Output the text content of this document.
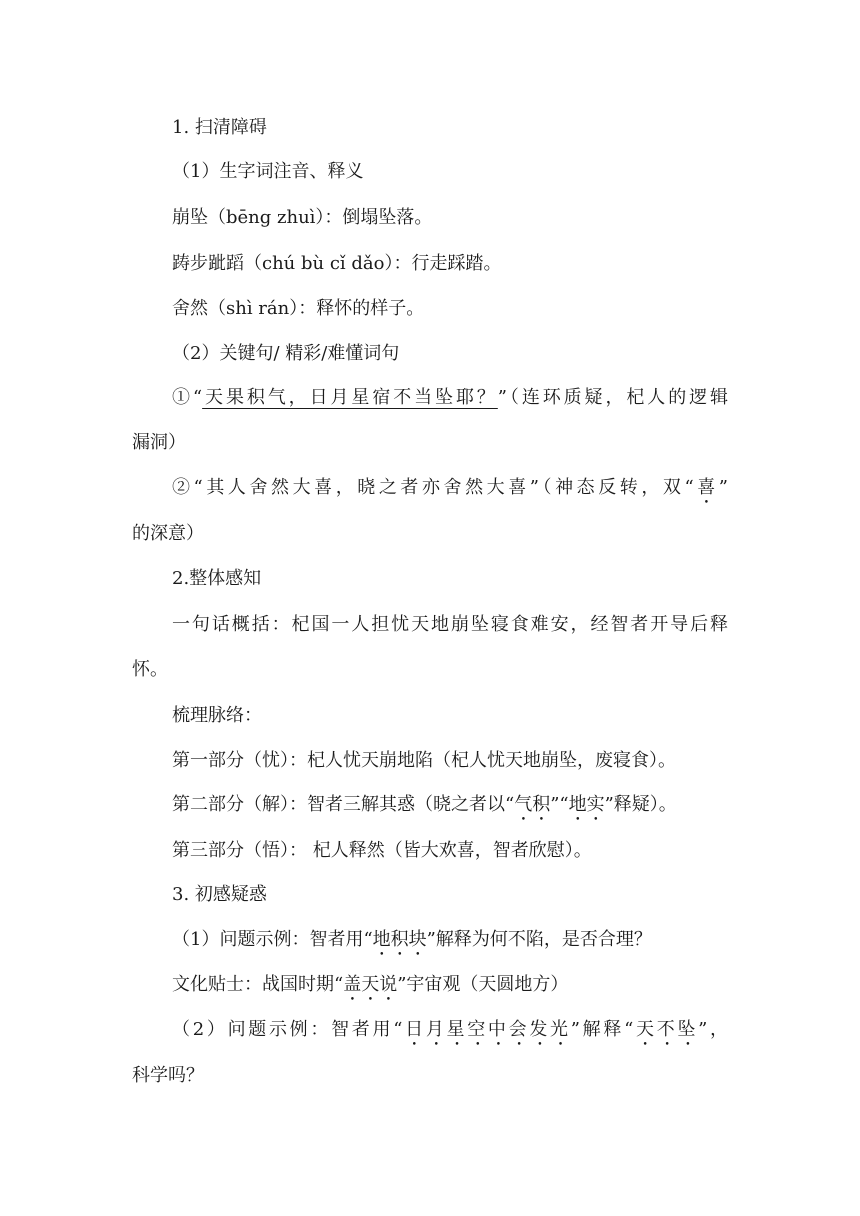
1. 扫清障碍

（1）生字词注音、释义

崩坠（bēng zhuì）：倒塌坠落。

踌步跐蹈（chú bù cǐ dǎo）：行走踩踏。

舍然（shì rán）：释怀的样子。

（2）关键句/ 精彩/难懂词句

①“天果积气，日月星宿不当坠耶？”（连环质疑，杞人的逻辑

漏洞）

②“其人舍然大喜，晓之者亦舍然大喜”（神态反转，双“喜”

的深意）

2.整体感知

一句话概括：杞国一人担忧天地崩坠寝食难安，经智者开导后释

怀。

梳理脉络：

第一部分（忧）：杞人忧天崩地陷（杞人忧天地崩坠，废寝食）。

第二部分（解）：智者三解其惑（晓之者以“气积”“地实”释疑）。

第三部分（悟）： 杞人释然（皆大欢喜，智者欣慰）。

3. 初感疑惑

（1）问题示例：智者用“地积块”解释为何不陷，是否合理？

文化贴士：战国时期“盖天说”宇宙观（天圆地方）

（2）问题示例：智者用“日月星空中会发光”解释“天不坠”，

科学吗？
